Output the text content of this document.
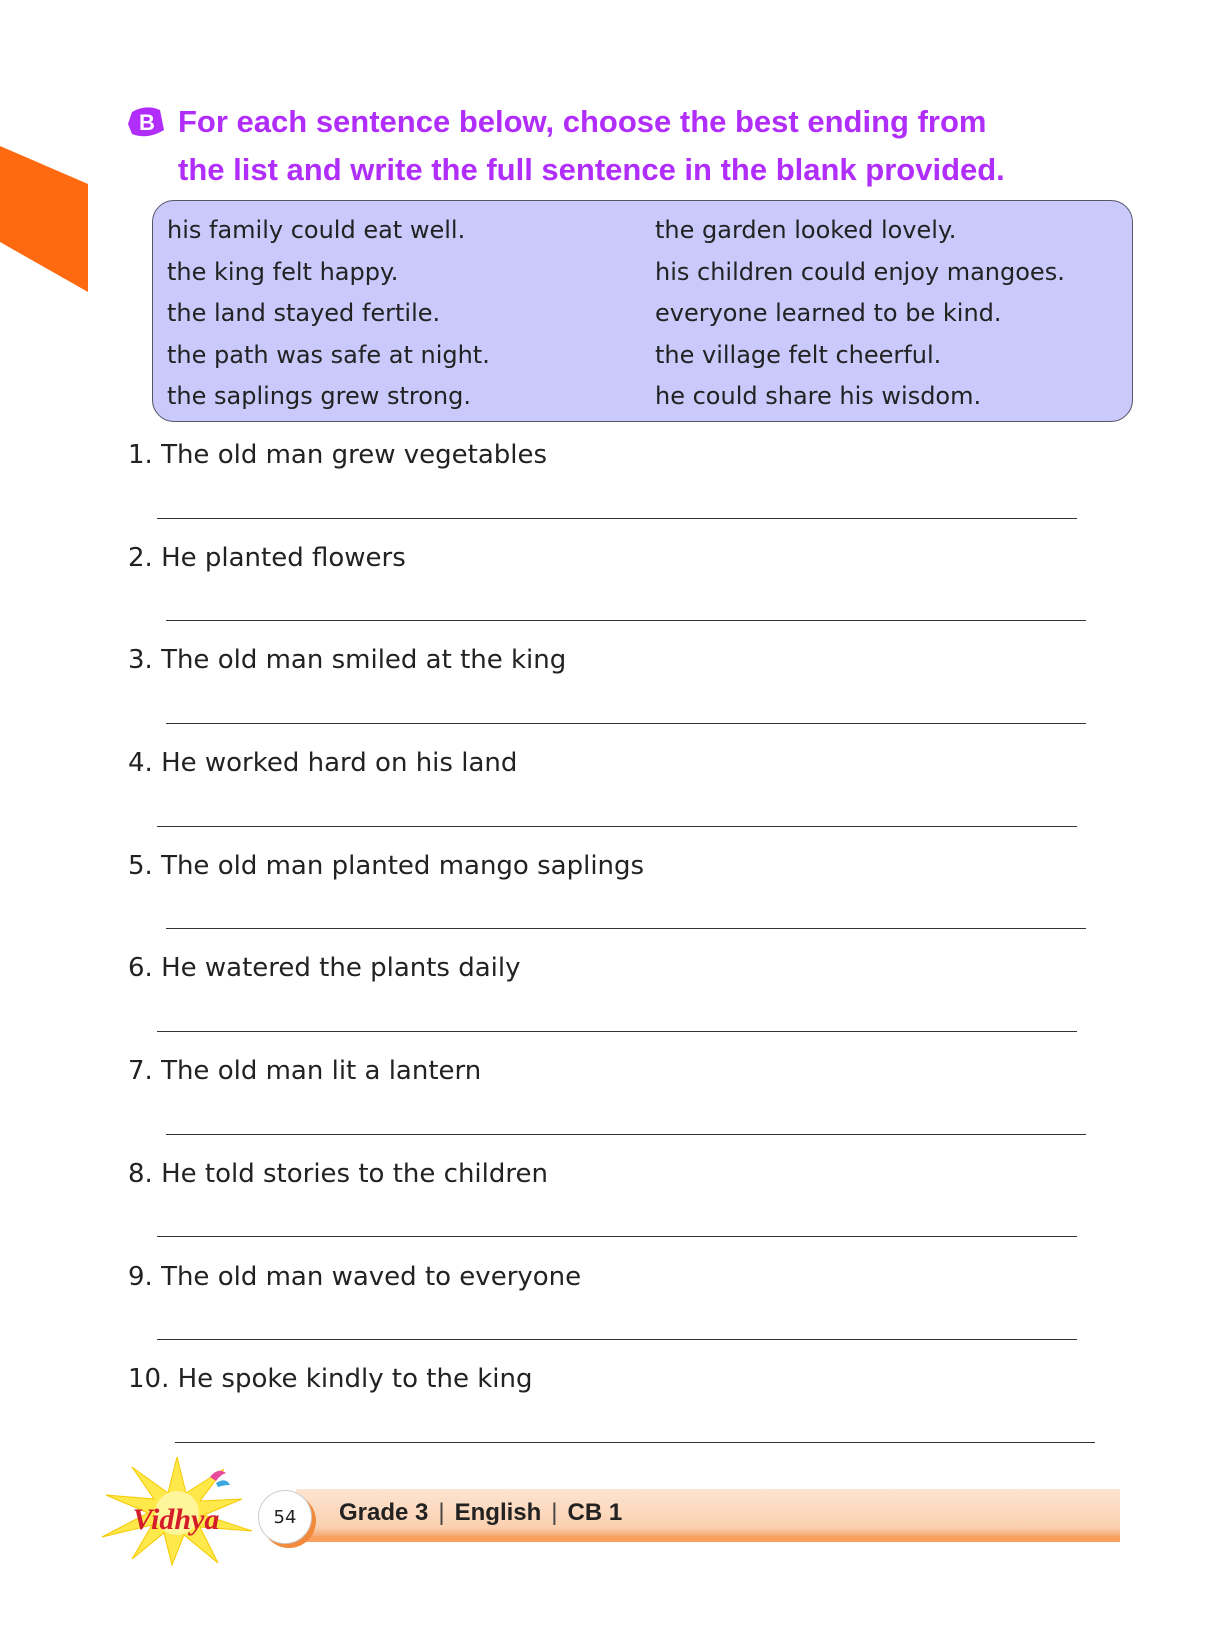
B For each sentence below, choose the best ending from
the list and write the full sentence in the blank provided.
his family could eat well.
the king felt happy.
the land stayed fertile.
the path was safe at night.
the saplings grew strong.
the garden looked lovely.
his children could enjoy mangoes.
everyone learned to be kind.
the village felt cheerful.
he could share his wisdom.
1. The old man grew vegetables
2. He planted flowers
3. The old man smiled at the king
4. He worked hard on his land
5. The old man planted mango saplings
6. He watered the plants daily
7. The old man lit a lantern
8. He told stories to the children
9. The old man waved to everyone
10. He spoke kindly to the king
Vidhya	54	Grade 3 | English | CB 1
